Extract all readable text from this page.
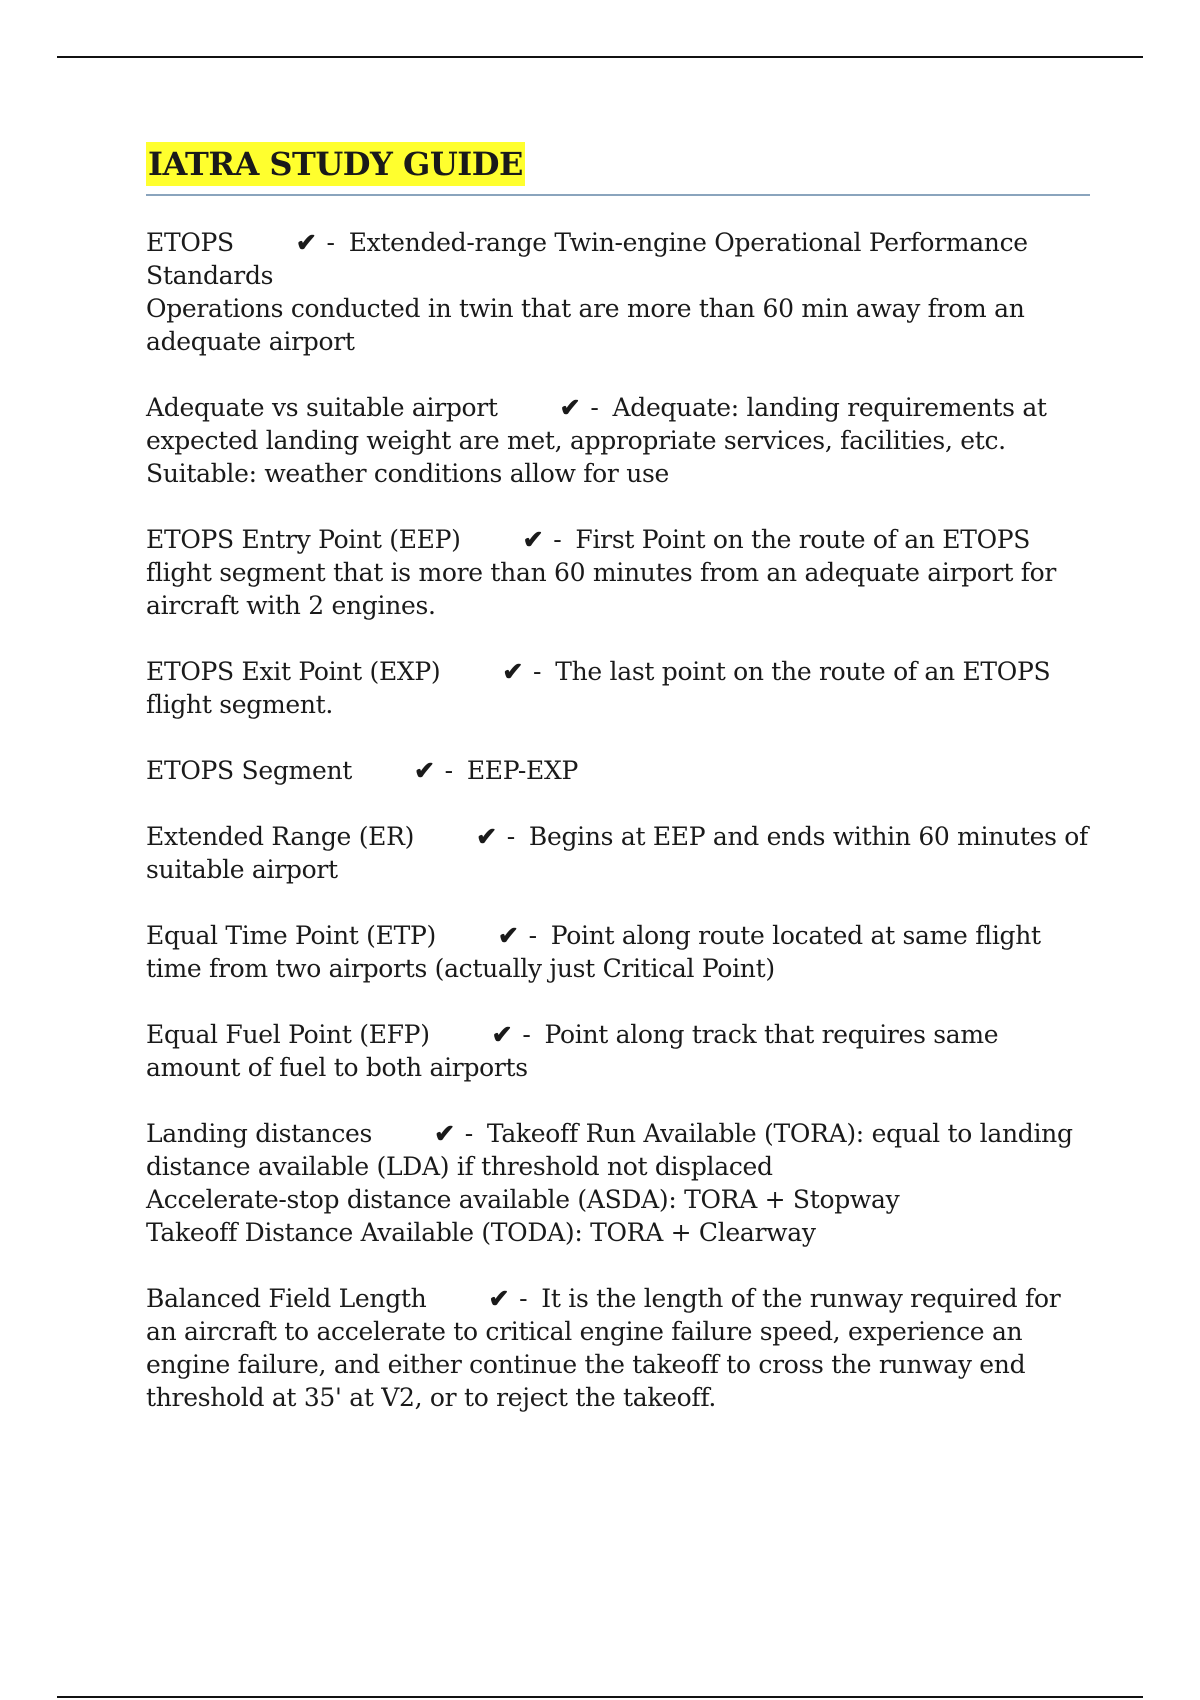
IATRA STUDY GUIDE
ETOPS ✔ - Extended-range Twin-engine Operational Performance Standards
Operations conducted in twin that are more than 60 min away from an adequate airport
Adequate vs suitable airport ✔ - Adequate: landing requirements at expected landing weight are met, appropriate services, facilities, etc.
Suitable: weather conditions allow for use
ETOPS Entry Point (EEP) ✔ - First Point on the route of an ETOPS flight segment that is more than 60 minutes from an adequate airport for aircraft with 2 engines.
ETOPS Exit Point (EXP) ✔ - The last point on the route of an ETOPS flight segment.
ETOPS Segment ✔ - EEP-EXP
Extended Range (ER) ✔ - Begins at EEP and ends within 60 minutes of suitable airport
Equal Time Point (ETP) ✔ - Point along route located at same flight time from two airports (actually just Critical Point)
Equal Fuel Point (EFP) ✔ - Point along track that requires same amount of fuel to both airports
Landing distances ✔ - Takeoff Run Available (TORA): equal to landing distance available (LDA) if threshold not displaced
Accelerate-stop distance available (ASDA): TORA + Stopway
Takeoff Distance Available (TODA): TORA + Clearway
Balanced Field Length ✔ - It is the length of the runway required for an aircraft to accelerate to critical engine failure speed, experience an engine failure, and either continue the takeoff to cross the runway end threshold at 35' at V2, or to reject the takeoff.
